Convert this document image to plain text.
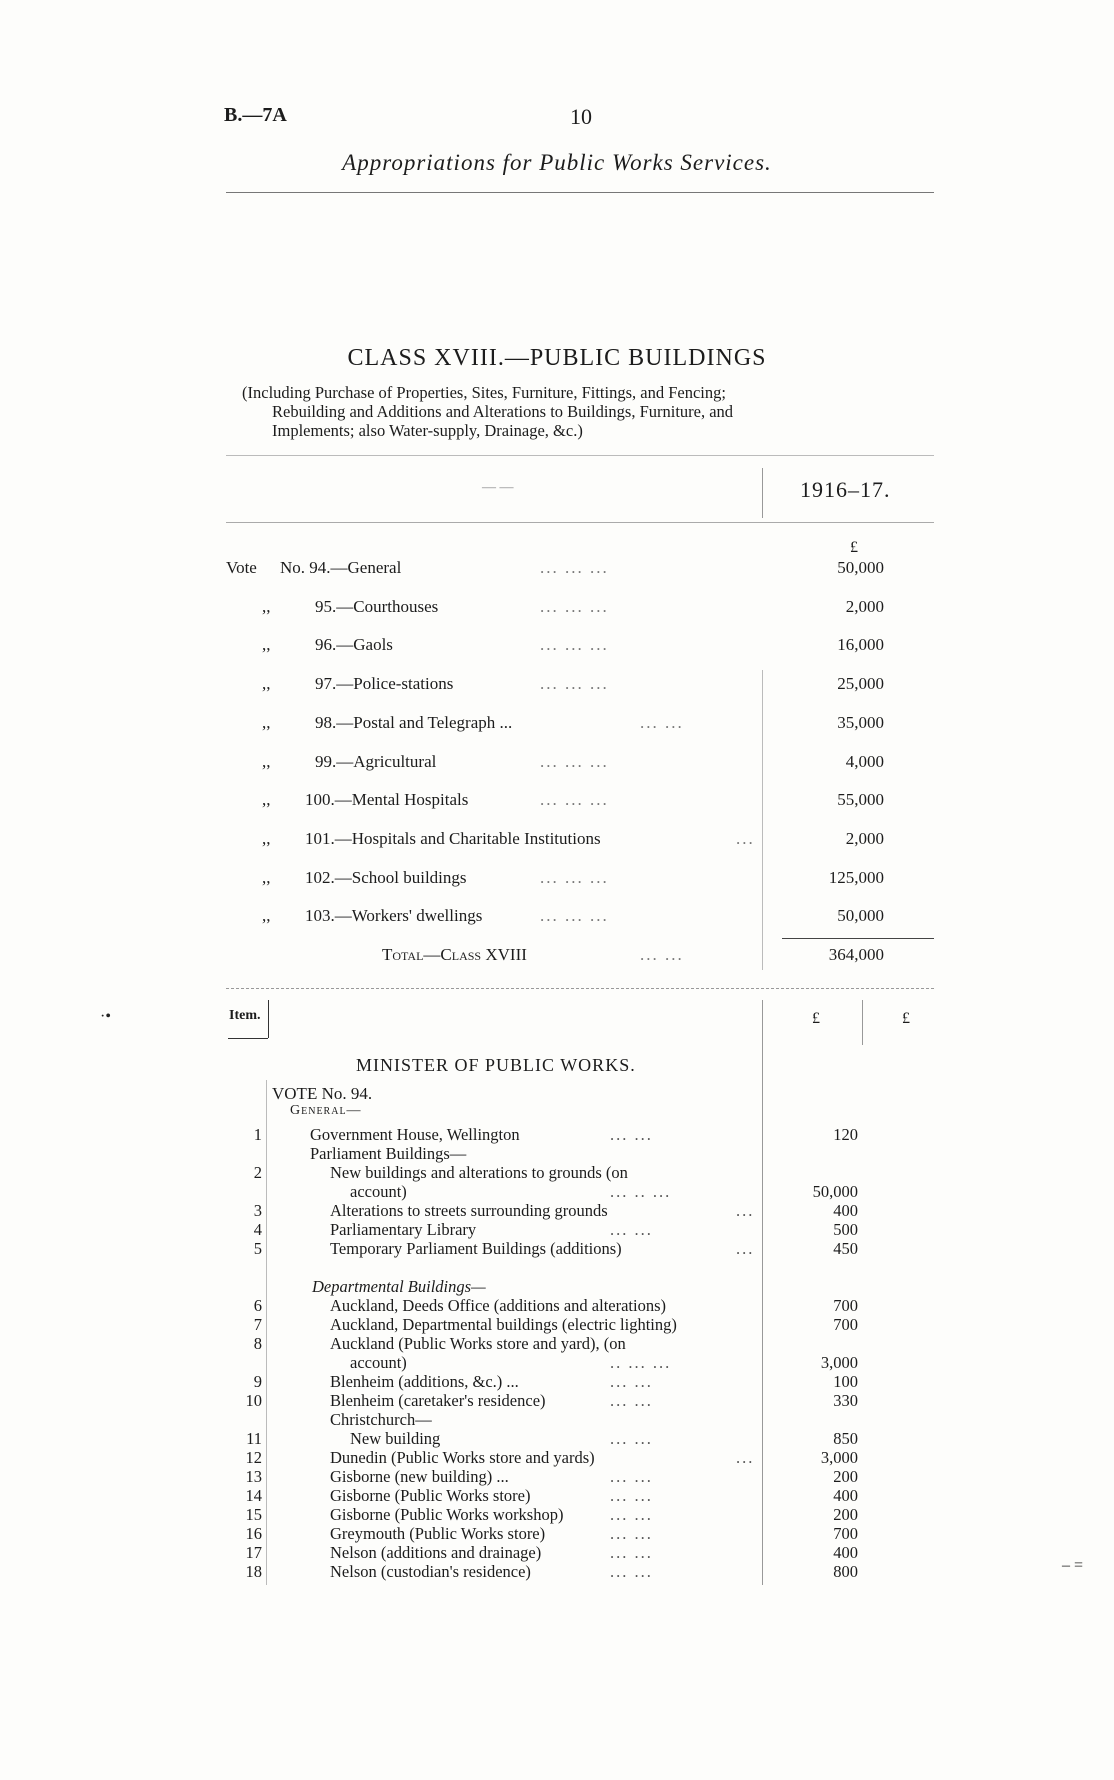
B.—7A	10
Appropriations for Public Works Services.
CLASS XVIII.—PUBLIC BUILDINGS
(Including Purchase of Properties, Sites, Furniture, Fittings, and Fencing;
Rebuilding and Additions and Alterations to Buildings, Furniture, and
Implements; also Water-supply, Drainage, &c.)
— —	1916–17.
£
Vote No. 94.—General	... ... ...	50,000
,,	95.—Courthouses	... ... ...	2,000
,,	96.—Gaols	... ... ...	16,000
,,	97.—Police-stations	... ... ...	25,000
,,	98.—Postal and Telegraph ...	... ...	35,000
,,	99.—Agricultural	... ... ...	4,000
,, 100.—Mental Hospitals	... ... ...	55,000
,, 101.—Hospitals and Charitable Institutions	...	2,000
,, 102.—School buildings	... ... ...	125,000
,, 103.—Workers' dwellings	... ... ...	50,000
Total—Class XVIII	... ...	364,000
Item.	£	£
MINISTER OF PUBLIC WORKS.
VOTE No. 94.
General—
1	Government House, Wellington	... ...	120
Parliament Buildings—
2	New buildings and alterations to grounds (on
account)	... .. ...	50,000
3	Alterations to streets surrounding grounds	...	400
4	Parliamentary Library	... ...	500
5	Temporary Parliament Buildings (additions)	...	450
Departmental Buildings—
6	Auckland, Deeds Office (additions and alterations)	700
7	Auckland, Departmental buildings (electric lighting)	700
8	Auckland (Public Works store and yard), (on
account)	.. ... ...	3,000
9	Blenheim (additions, &c.) ...	... ...	100
10	Blenheim (caretaker's residence)	... ...	330
Christchurch—
11	New building	... ...	850
12	Dunedin (Public Works store and yards)	...	3,000
13	Gisborne (new building) ...	... ...	200
14	Gisborne (Public Works store)	... ...	400
15	Gisborne (Public Works workshop)	... ...	200
16	Greymouth (Public Works store)	... ...	700
17	Nelson (additions and drainage)	... ...	400
18	Nelson (custodian's residence)	... ...	800
·•
– =
